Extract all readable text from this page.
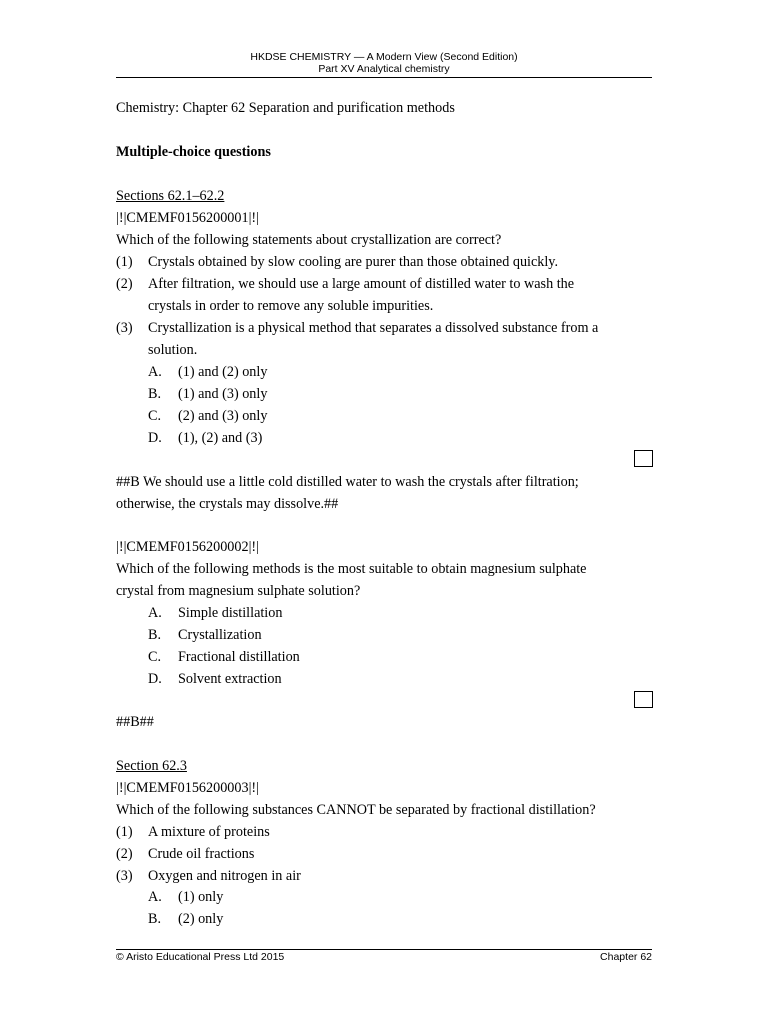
HKDSE CHEMISTRY — A Modern View (Second Edition)
Part XV Analytical chemistry
Chemistry: Chapter 62 Separation and purification methods
Multiple-choice questions
Sections 62.1–62.2
|!|CMEMF0156200001|!|
Which of the following statements about crystallization are correct?
(1) Crystals obtained by slow cooling are purer than those obtained quickly.
(2) After filtration, we should use a large amount of distilled water to wash the
crystals in order to remove any soluble impurities.
(3) Crystallization is a physical method that separates a dissolved substance from a
solution.
A. (1) and (2) only
B. (1) and (3) only
C. (2) and (3) only
D. (1), (2) and (3)
##B We should use a little cold distilled water to wash the crystals after filtration;
otherwise, the crystals may dissolve.##
|!|CMEMF0156200002|!|
Which of the following methods is the most suitable to obtain magnesium sulphate
crystal from magnesium sulphate solution?
A. Simple distillation
B. Crystallization
C. Fractional distillation
D. Solvent extraction
##B##
Section 62.3
|!|CMEMF0156200003|!|
Which of the following substances CANNOT be separated by fractional distillation?
(1) A mixture of proteins
(2) Crude oil fractions
(3) Oxygen and nitrogen in air
A. (1) only
B. (2) only
© Aristo Educational Press Ltd 2015	Chapter 62
